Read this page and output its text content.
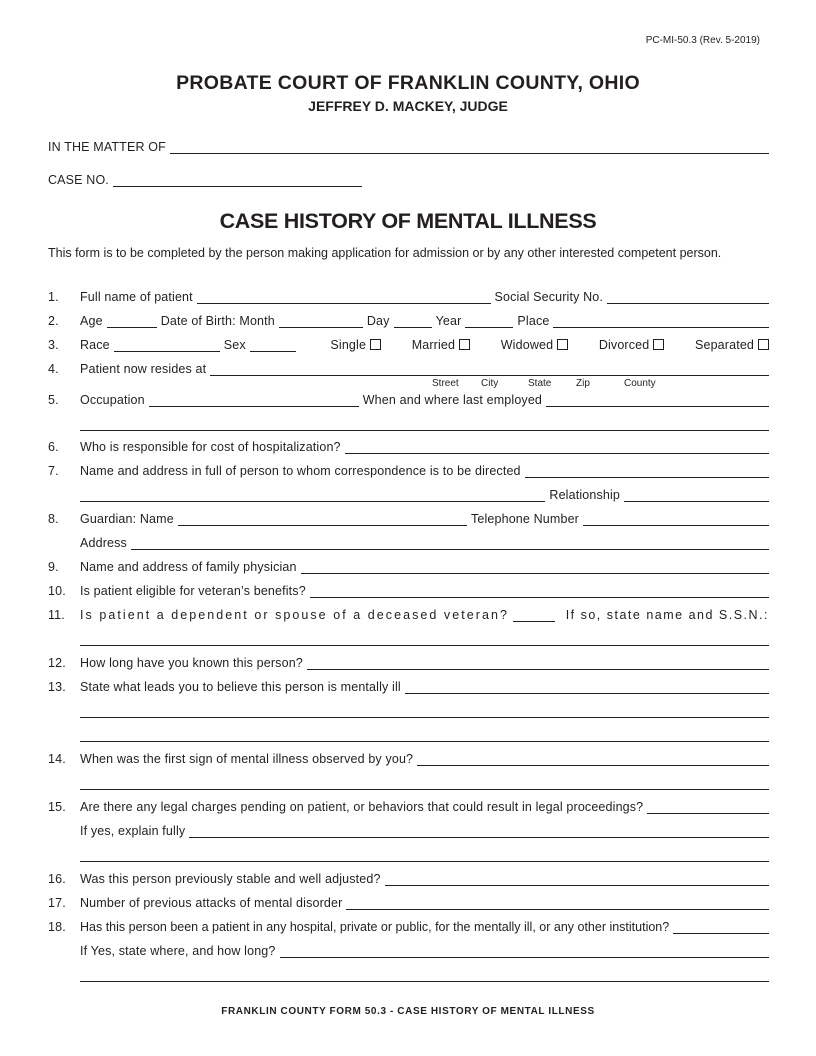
PC-MI-50.3 (Rev. 5-2019)
PROBATE COURT OF FRANKLIN COUNTY, OHIO
JEFFREY D. MACKEY, JUDGE
IN THE MATTER OF
CASE NO.
CASE HISTORY OF MENTAL ILLNESS
This form is to be completed by the person making application for admission or by any other interested competent person.
1. Full name of patient	Social Security No.
2. Age	Date of Birth: Month	Day	Year	Place
3. Race	Sex	Single	Married	Widowed	Divorced	Separated
4. Patient now resides at
Street City	State Zip	County
5. Occupation	When and where last employed
6. Who is responsible for cost of hospitalization?
7. Name and address in full of person to whom correspondence is to be directed
Relationship
8. Guardian: Name	Telephone Number
Address
9. Name and address of family physician
10. Is patient eligible for veteran’s benefits?
11. Is patient a dependent or spouse of a deceased veteran?	If so, state name and S.S.N.:
12. How long have you known this person?
13. State what leads you to believe this person is mentally ill
14. When was the first sign of mental illness observed by you?
15. Are there any legal charges pending on patient, or behaviors that could result in legal proceedings?
If yes, explain fully
16. Was this person previously stable and well adjusted?
17. Number of previous attacks of mental disorder
18. Has this person been a patient in any hospital, private or public, for the mentally ill, or any other institution?
If Yes, state where, and how long?
FRANKLIN COUNTY FORM 50.3 - CASE HISTORY OF MENTAL ILLNESS
